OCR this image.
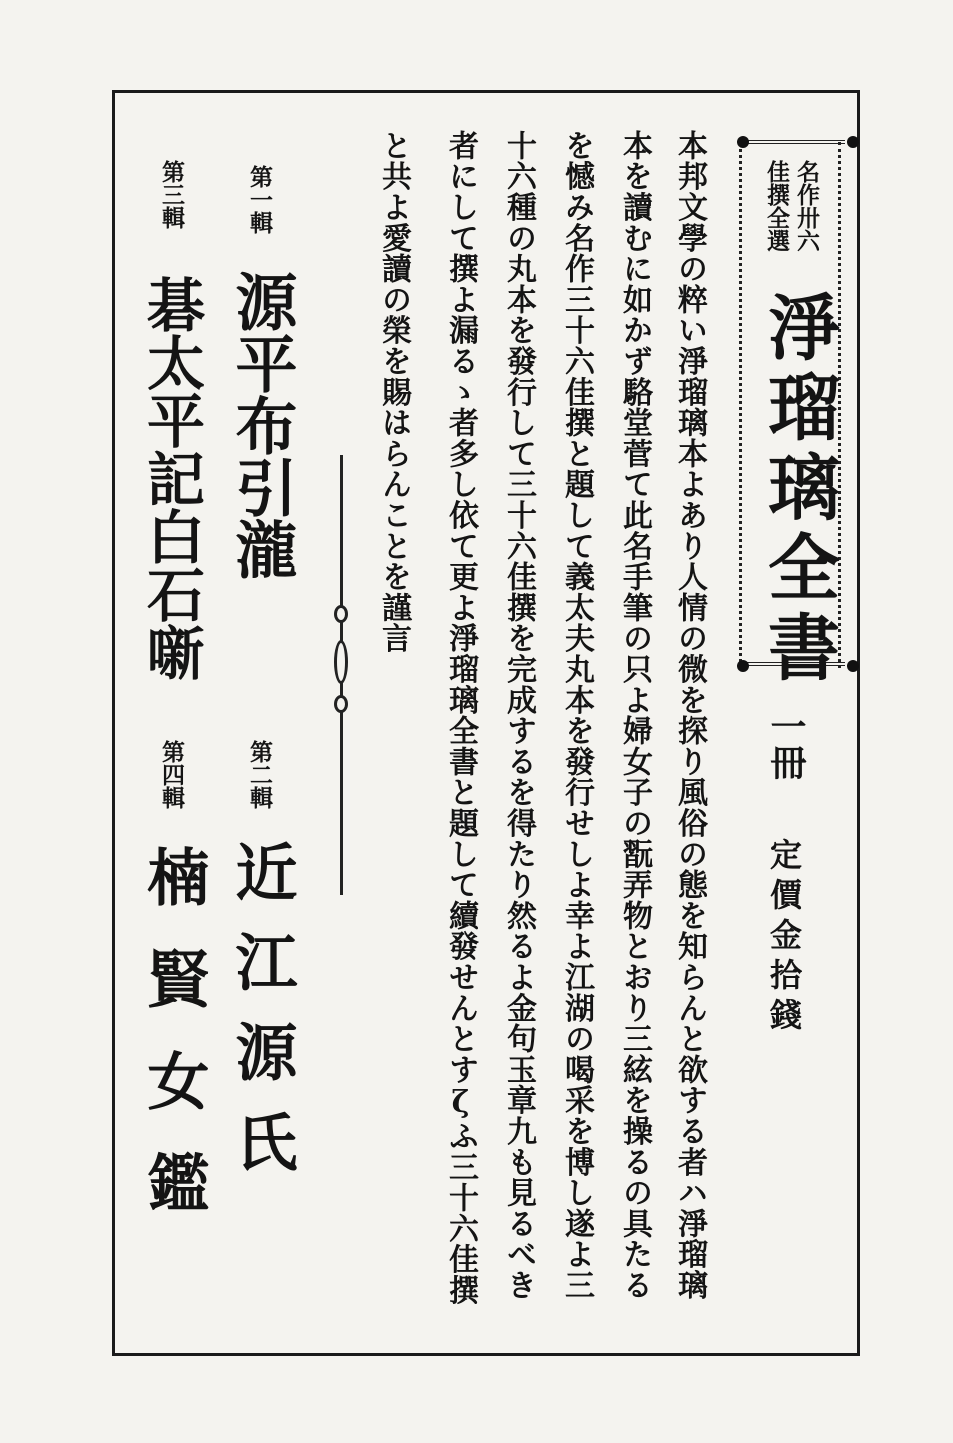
名作卅六
佳撰全選
淨瑠璃全書
一冊
定價金拾錢
本邦文學の粹い淨瑠璃本よあり人情の微を探り風俗の態を知らんと欲する者ハ淨瑠璃
本を讀むに如かず駱堂菅て此名手筆の只よ婦女子の翫弄物とおり三絃を操るの具たる
を憾み名作三十六佳撰と題して義太夫丸本を發行せしよ幸よ江湖の喝采を博し遂よ三
十六種の丸本を發行して三十六佳撰を完成するを得たり然るよ金句玉章九も見るべき
者にして撰よ漏るゝ者多し依て更よ淨瑠璃全書と題して續發せんとすζふ三十六佳撰
と共よ愛讀の榮を賜はらんことを謹言
第一輯
源平布引瀧
第二輯
近江源氏
第三輯
碁太平記白石噺
第四輯
楠賢女鑑
